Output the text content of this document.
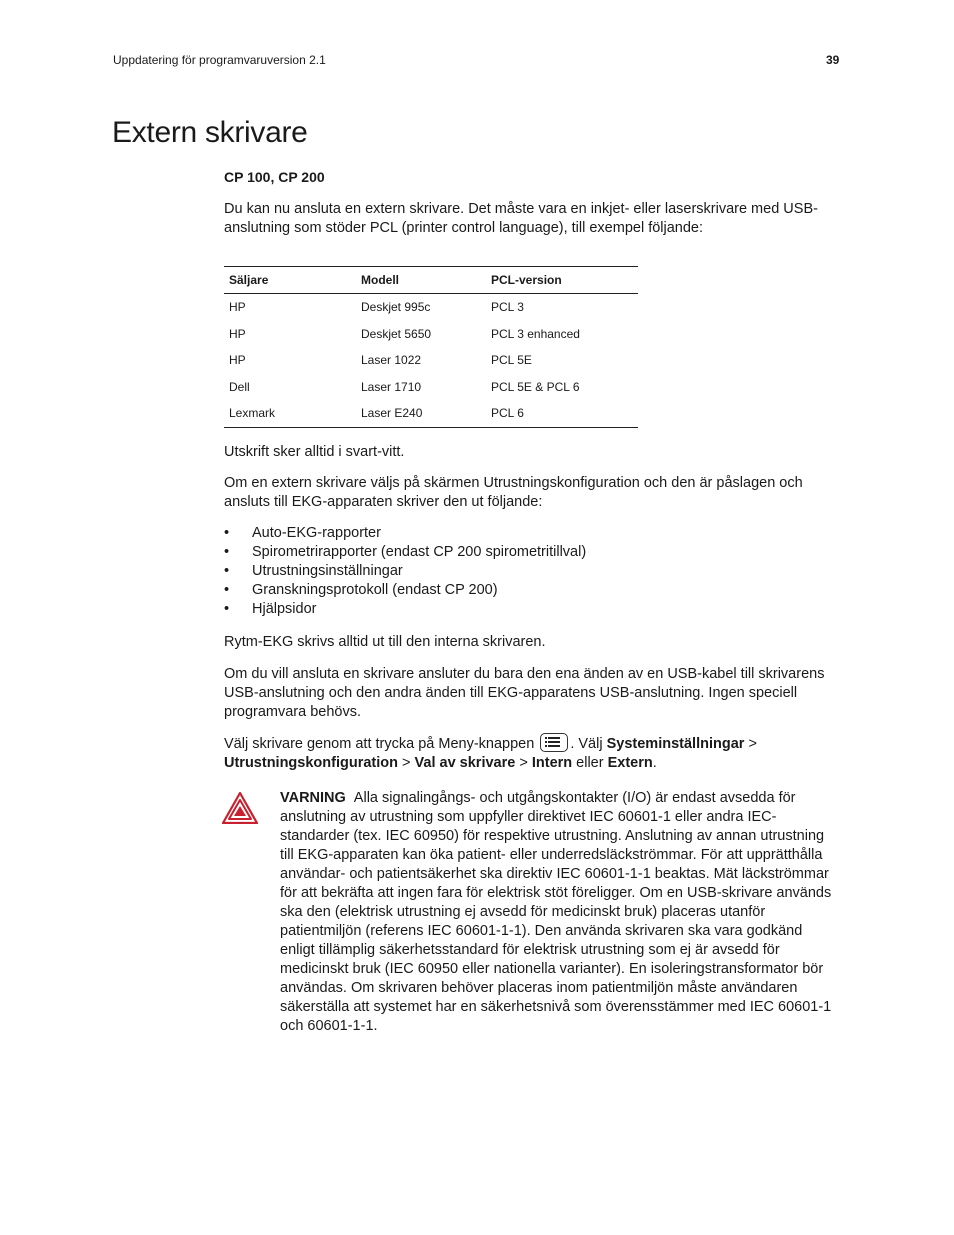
Uppdatering för programvaruversion 2.1	39
Extern skrivare
CP 100, CP 200

Du kan nu ansluta en extern skrivare. Det måste vara en inkjet- eller laserskrivare med USB-anslutning som stöder PCL (printer control language), till exempel följande:

Säljare	Modell	PCL-version
HP	Deskjet 995c	PCL 3
HP	Deskjet 5650	PCL 3 enhanced
HP	Laser 1022	PCL 5E
Dell	Laser 1710	PCL 5E & PCL 6
Lexmark	Laser E240	PCL 6

Utskrift sker alltid i svart-vitt.

Om en extern skrivare väljs på skärmen Utrustningskonfiguration och den är påslagen och ansluts till EKG-apparaten skriver den ut följande:

• Auto-EKG-rapporter
• Spirometrirapporter (endast CP 200 spirometritillval)
• Utrustningsinställningar
• Granskningsprotokoll (endast CP 200)
• Hjälpsidor

Rytm-EKG skrivs alltid ut till den interna skrivaren.

Om du vill ansluta en skrivare ansluter du bara den ena änden av en USB-kabel till skrivarens USB-anslutning och den andra änden till EKG-apparatens USB-anslutning. Ingen speciell programvara behövs.

Välj skrivare genom att trycka på Meny-knappen . Välj Systeminställningar > Utrustningskonfiguration > Val av skrivare > Intern eller Extern.

VARNING Alla signalingångs- och utgångskontakter (I/O) är endast avsedda för anslutning av utrustning som uppfyller direktivet IEC 60601-1 eller andra IEC-standarder (tex. IEC 60950) för respektive utrustning. Anslutning av annan utrustning till EKG-apparaten kan öka patient- eller underredsläckströmmar. För att upprätthålla användar- och patientsäkerhet ska direktiv IEC 60601-1-1 beaktas. Mät läckströmmar för att bekräfta att ingen fara för elektrisk stöt föreligger. Om en USB-skrivare används ska den (elektrisk utrustning ej avsedd för medicinskt bruk) placeras utanför patientmiljön (referens IEC 60601-1-1). Den använda skrivaren ska vara godkänd enligt tillämplig säkerhetsstandard för elektrisk utrustning som ej är avsedd för medicinskt bruk (IEC 60950 eller nationella varianter). En isoleringstransformator bör användas. Om skrivaren behöver placeras inom patientmiljön måste användaren säkerställa att systemet har en säkerhetsnivå som överensstämmer med IEC 60601-1 och 60601-1-1.
